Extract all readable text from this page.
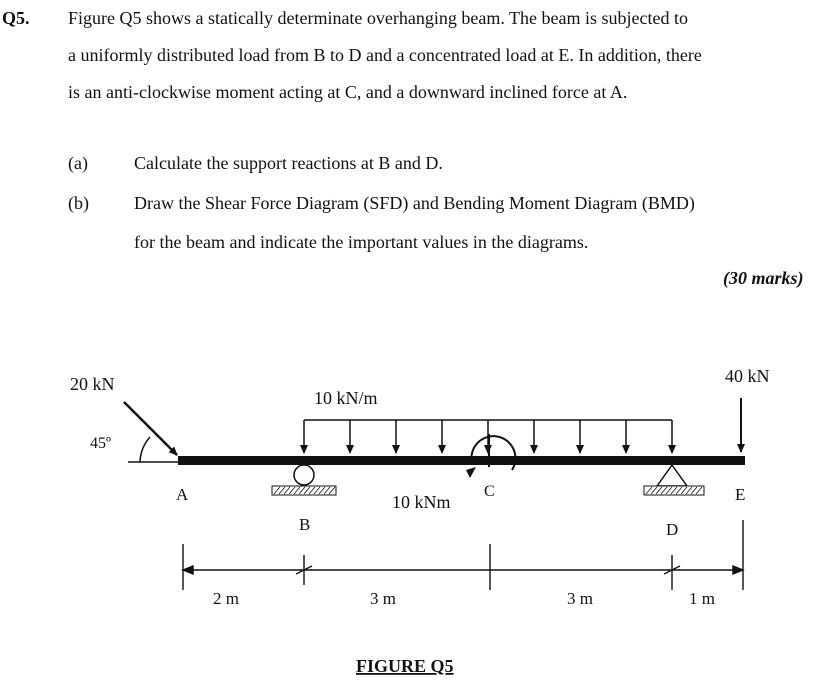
Q5. Figure Q5 shows a statically determinate overhanging beam. The beam is subjected to
a uniformly distributed load from B to D and a concentrated load at E. In addition, there
is an anti-clockwise moment acting at C, and a downward inclined force at A.
(a)	Calculate the support reactions at B and D.
(b)	Draw the Shear Force Diagram (SFD) and Bending Moment Diagram (BMD)
for the beam and indicate the important values in the diagrams.
(30 marks)
20 kN
45º
10 kN/m
40 kN
10 kNm
A
B
C
D
E
2 m	3 m	3 m	1 m
FIGURE Q5
